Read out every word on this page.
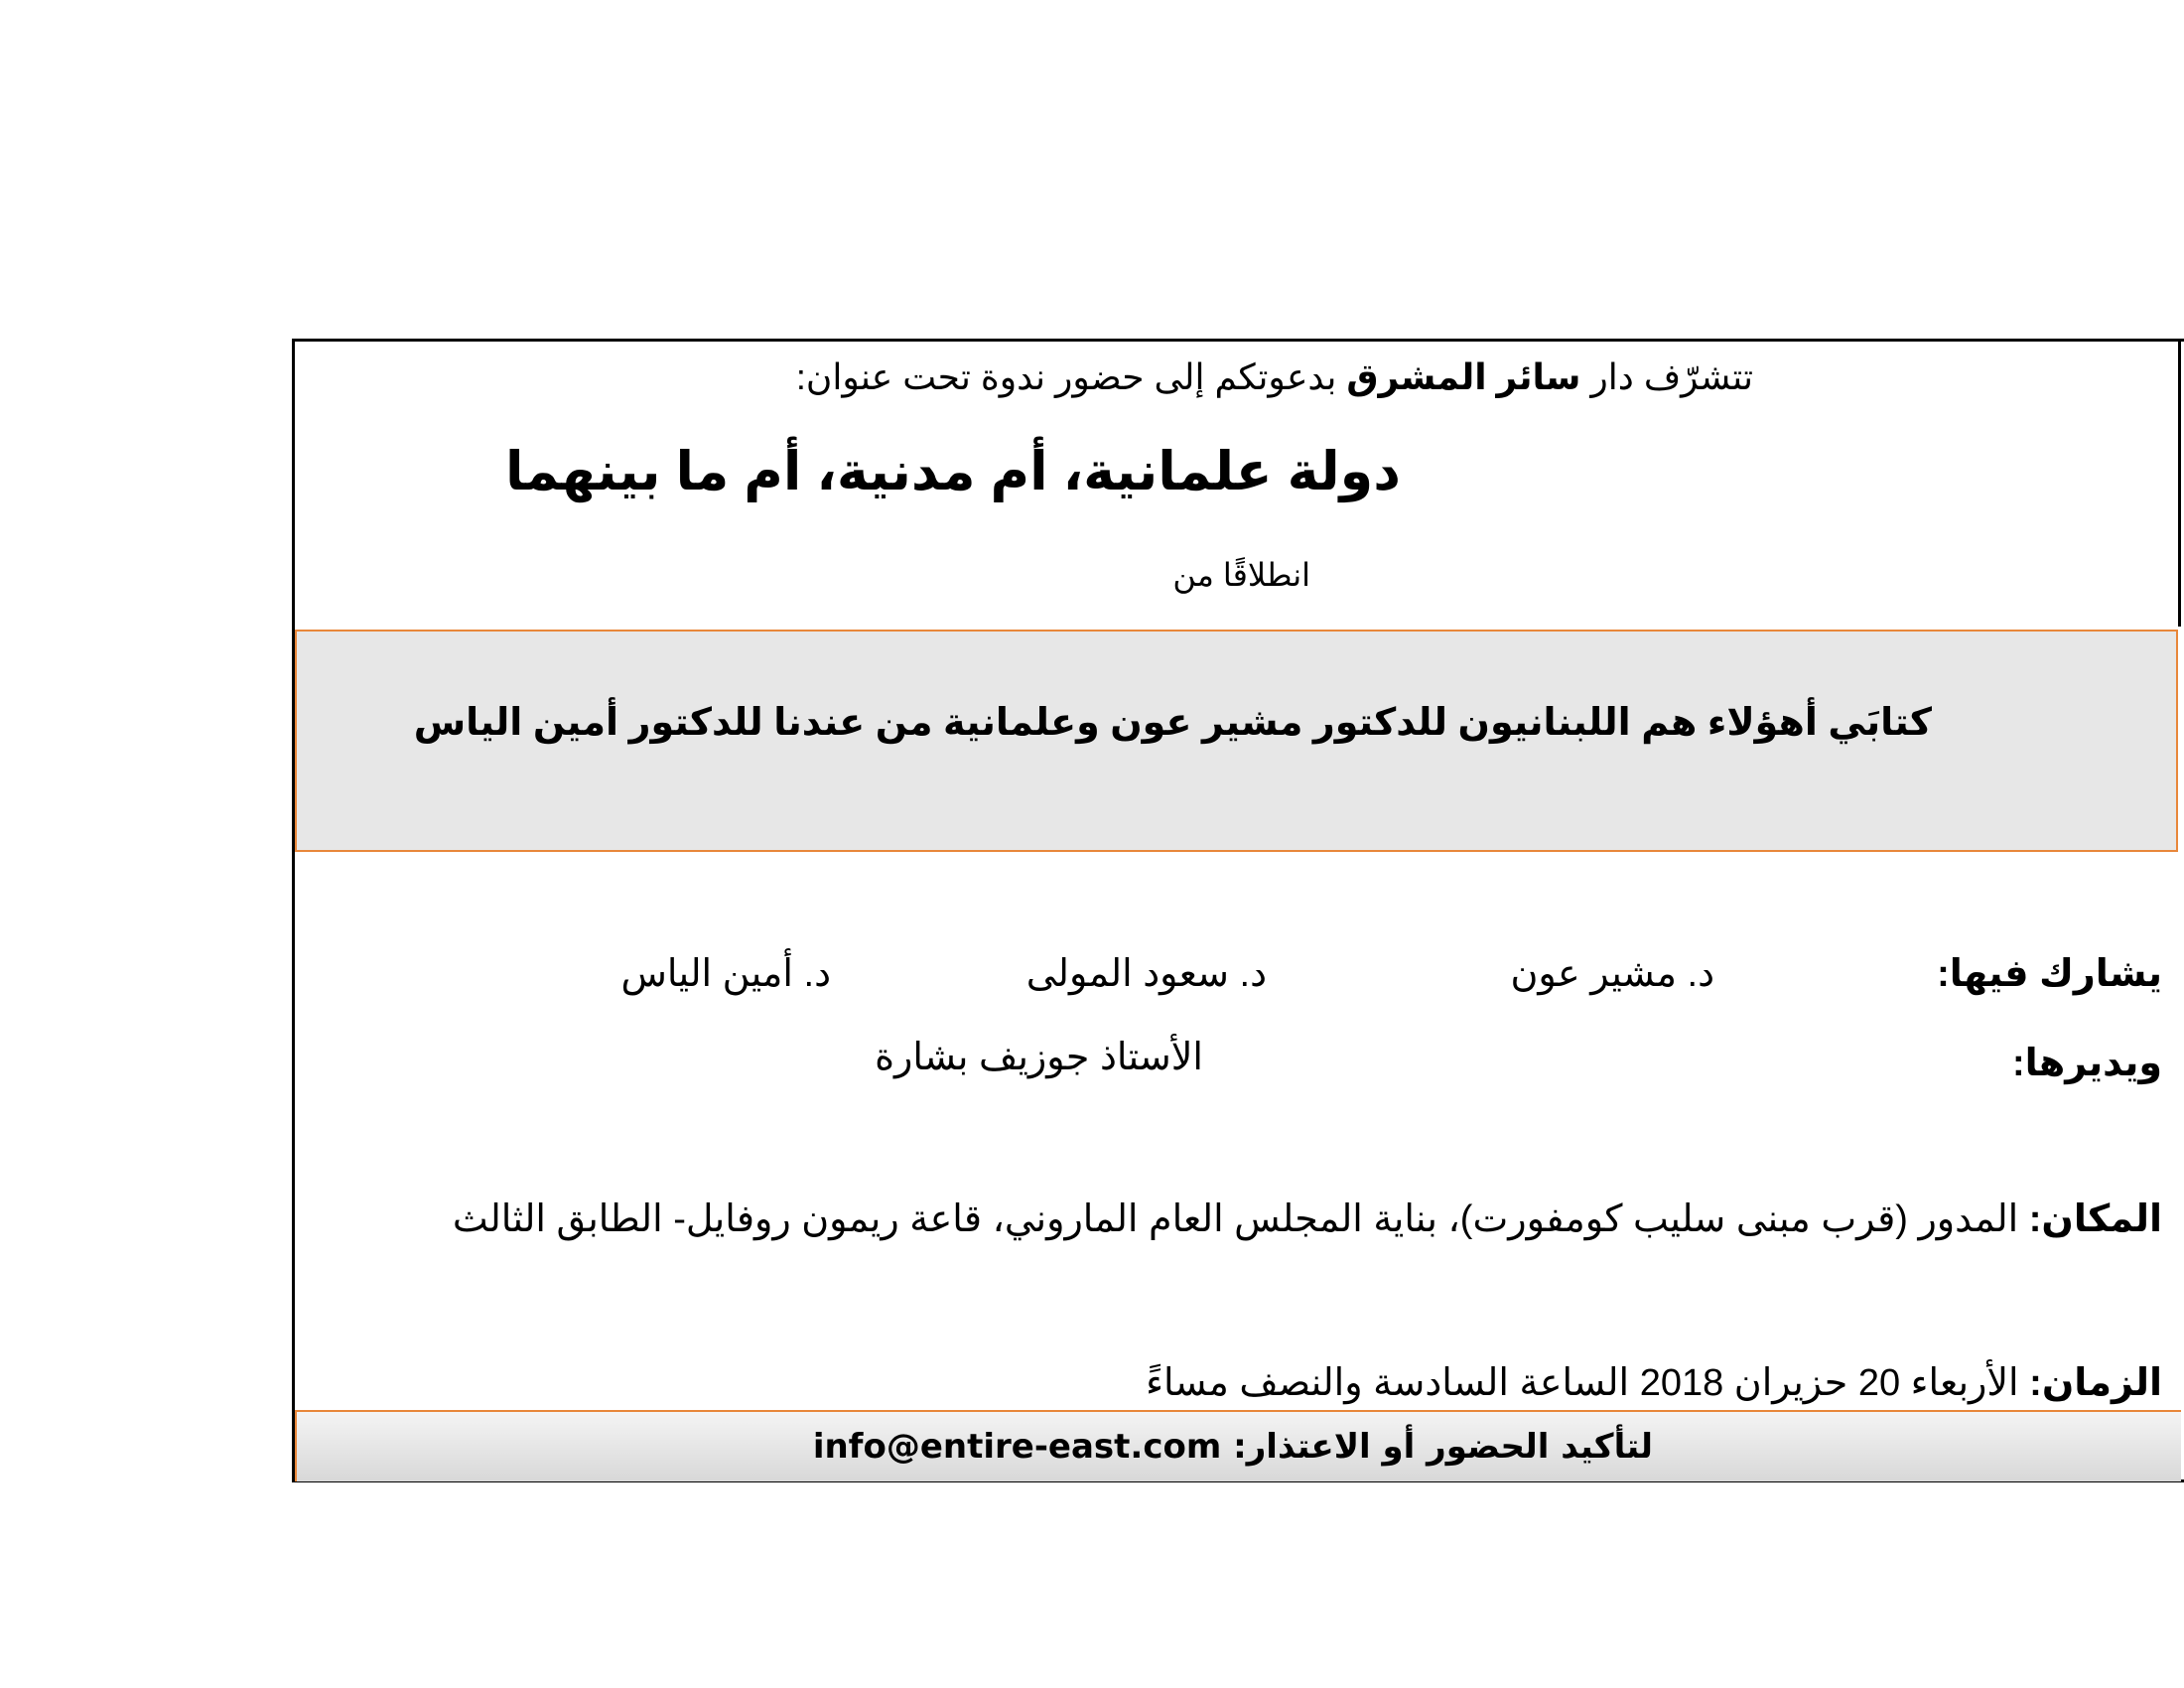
تتشرّف دار سائر المشرق بدعوتكم إلى حضور ندوة تحت عنوان:
دولة علمانية، أم مدنية، أم ما بينهما
انطلاقًا من
كتابَي أهؤلاء هم اللبنانيون للدكتور مشير عون وعلمانية من عندنا للدكتور أمين الياس
يشارك فيها:
د. مشير عون
د. سعود المولى
د. أمين الياس
ويديرها:
الأستاذ جوزيف بشارة
المكان: المدور (قرب مبنى سليب كومفورت)، بناية المجلس العام الماروني، قاعة ريمون روفايل- الطابق الثالث
الزمان: الأربعاء 20 حزيران 2018 الساعة السادسة والنصف مساءً
لتأكيد الحضور أو الاعتذار: info@entire-east.com
